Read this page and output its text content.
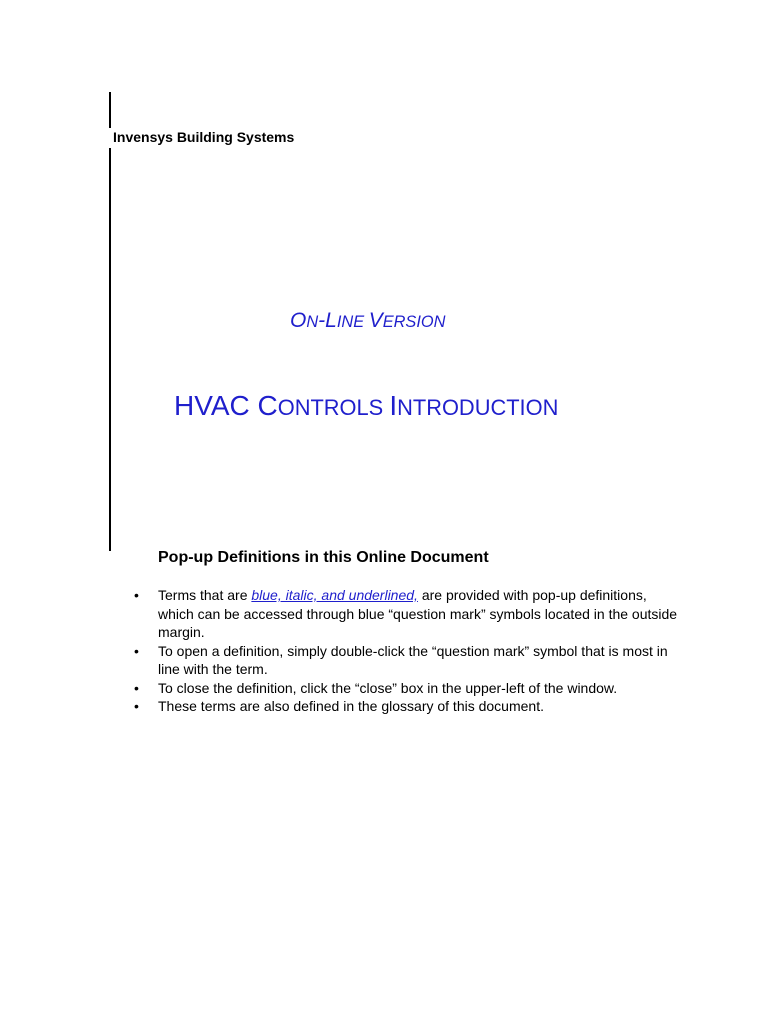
Invensys Building Systems
ON-LINE VERSION
HVAC CONTROLS INTRODUCTION
Pop-up Definitions in this Online Document
• Terms that are blue, italic, and underlined, are provided with pop-up definitions, which can be accessed through blue “question mark” symbols located in the outside margin.
• To open a definition, simply double-click the “question mark” symbol that is most in line with the term.
• To close the definition, click the “close” box in the upper-left of the window.
• These terms are also defined in the glossary of this document.
